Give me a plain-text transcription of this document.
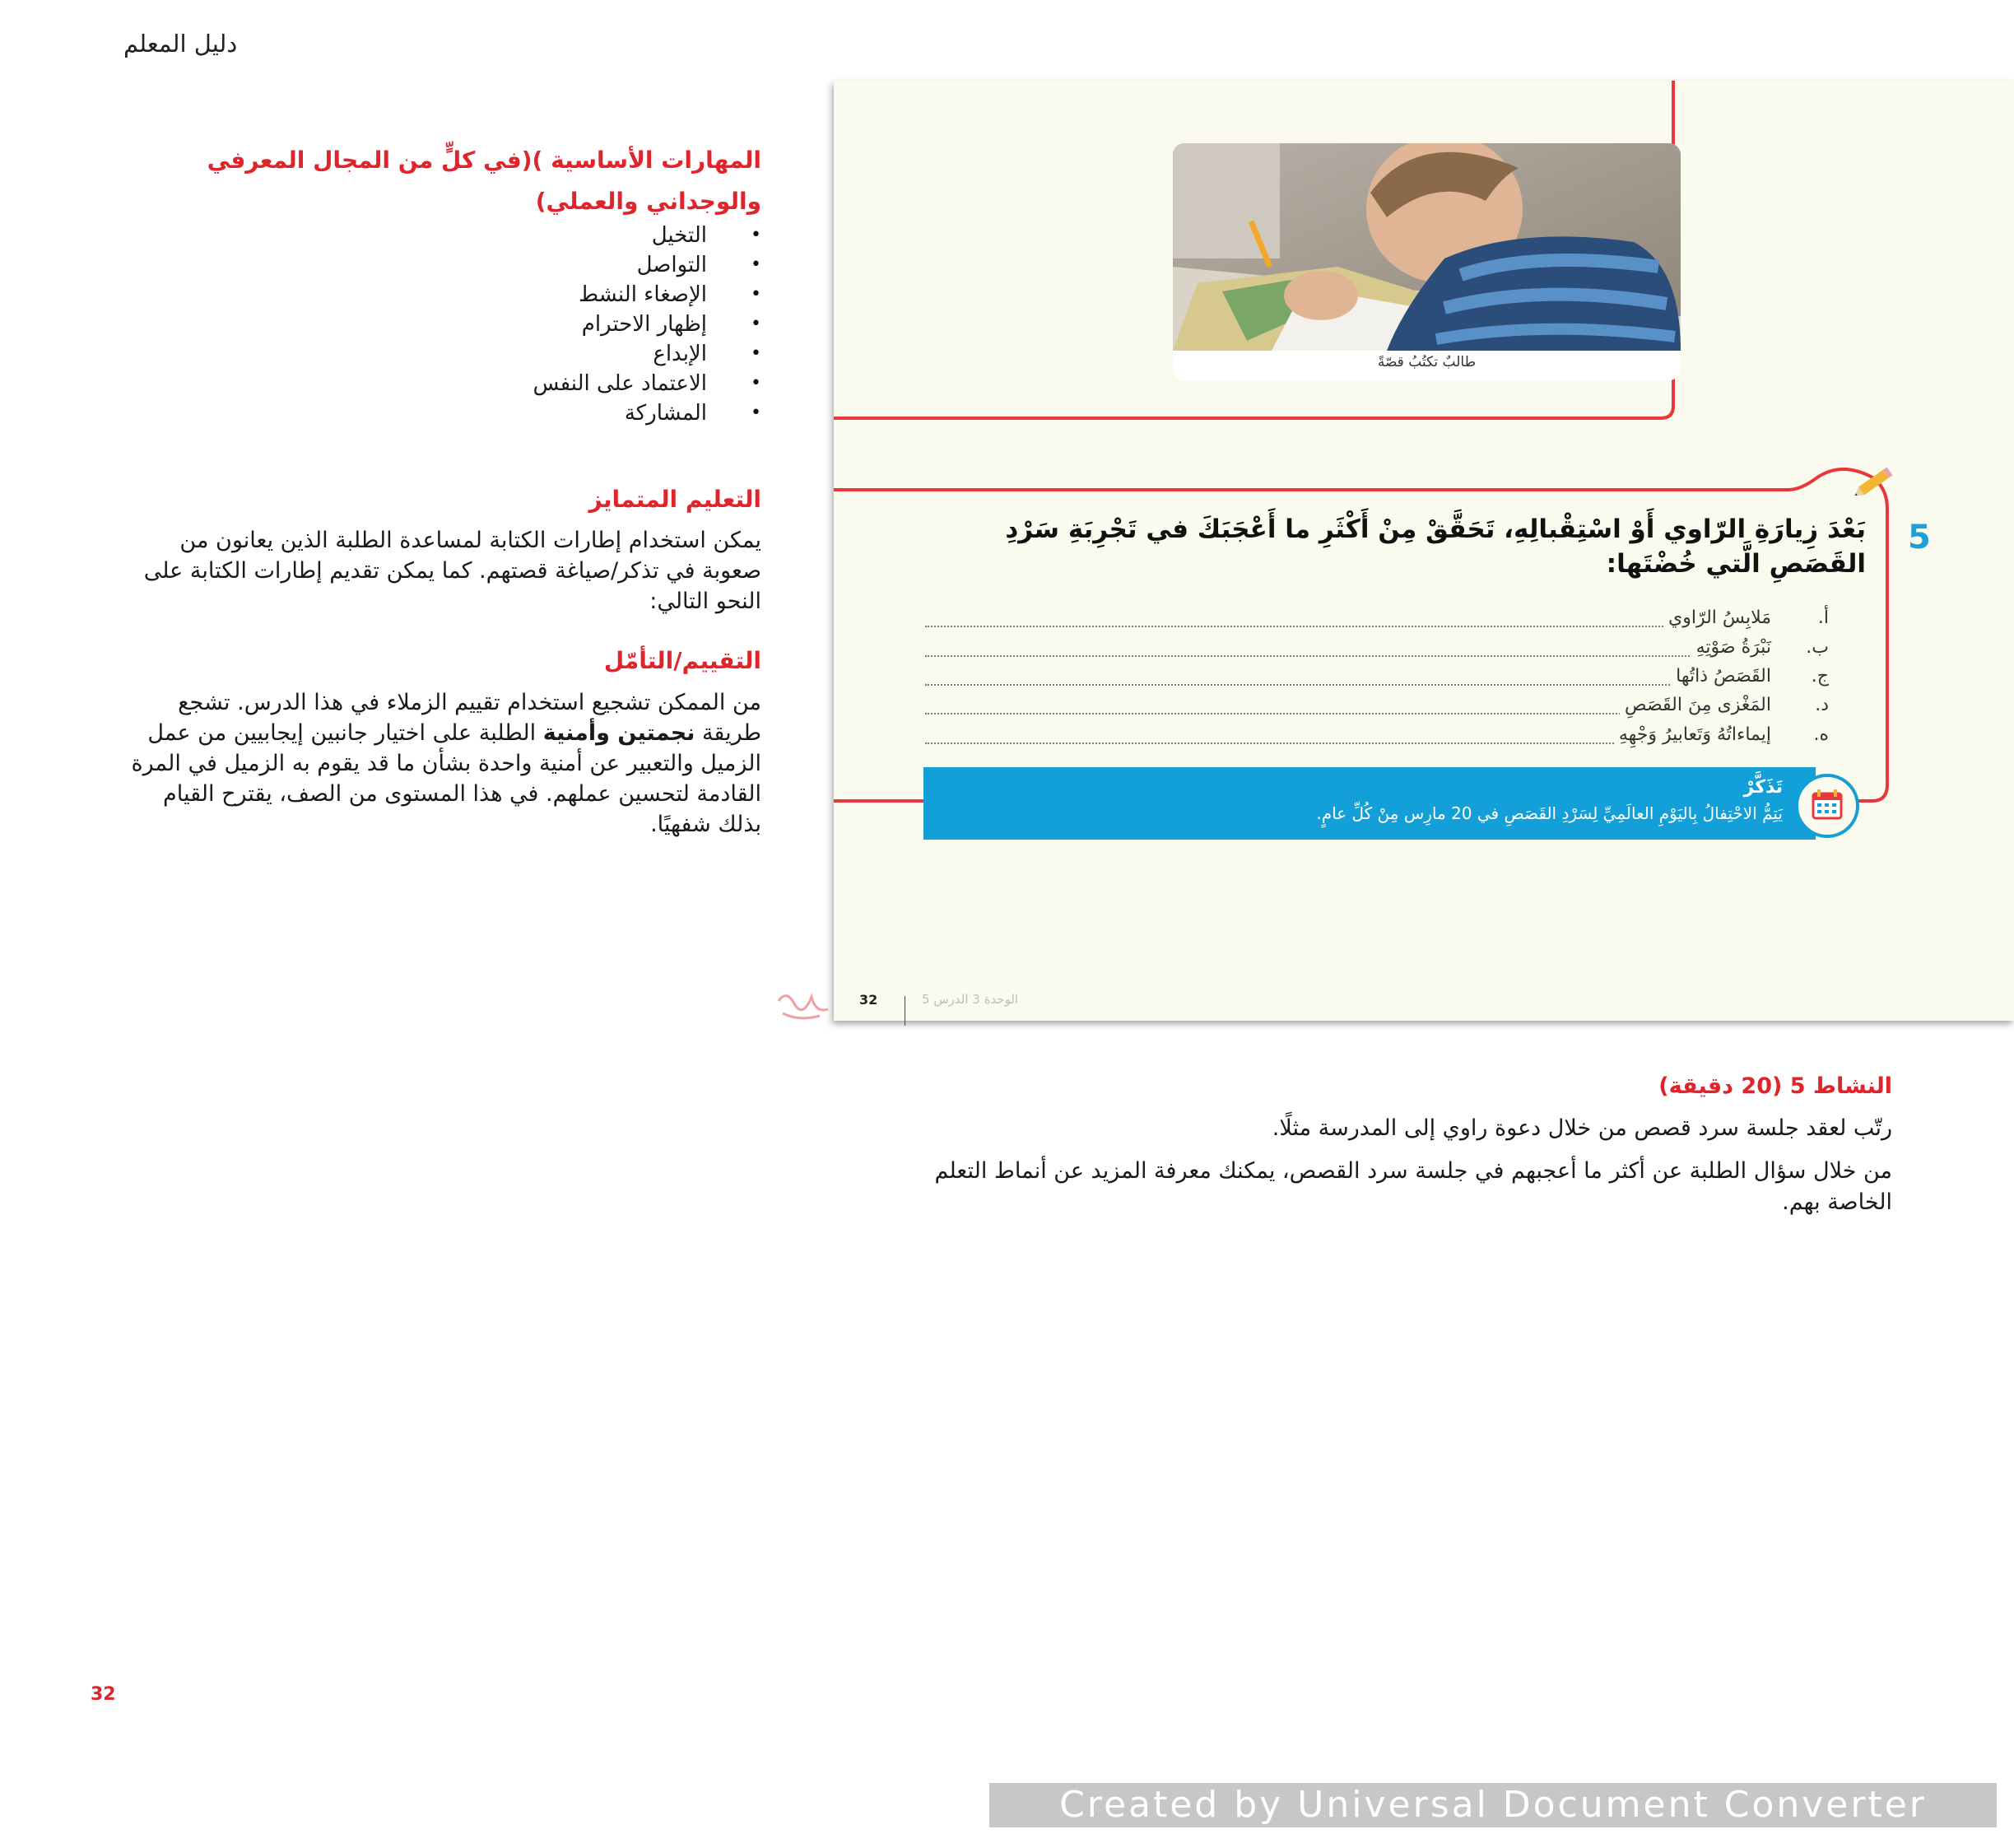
دليل المعلم
المهارات الأساسية )(في كلٍّ من المجال المعرفي
والوجداني والعملي)
• التخيل
• التواصل
• الإصغاء النشط
• إظهار الاحترام
• الإبداع
• الاعتماد على النفس
• المشاركة
التعليم المتمايز
يمكن استخدام إطارات الكتابة لمساعدة الطلبة الذين يعانون من صعوبة في تذكر/صياغة قصتهم. كما يمكن تقديم إطارات الكتابة على النحو التالي:
التقييم/التأمّل
من الممكن تشجيع استخدام تقييم الزملاء في هذا الدرس. تشجع طريقة نجمتين وأمنية الطلبة على اختيار جانبين إيجابيين من عمل الزميل والتعبير عن أمنية واحدة بشأن ما قد يقوم به الزميل في المرة القادمة لتحسين عملهم. في هذا المستوى من الصف، يقترح القيام بذلك شفهيًا.
طالبٌ تكتُبُ قصّةً
5
بَعْدَ زِيارَةِ الرّاوي أَوْ اسْتِقْبالِهِ، تَحَقَّقْ مِنْ أَكْثَرِ ما أَعْجَبَكَ في تَجْرِبَةِ سَرْدِ القَصَصِ الَّتي خُضْتَها:
أ.
مَلابِسُ الرّاوي
ب.
نَبْرَةُ صَوْتِهِ
ج.
القَصَصُ ذاتُها
د.
المَغْزى مِنَ القَصَصِ
ه.
إيماءاتُهُ وَتَعابيرُ وَجْهِهِ
تَذَكَّرْ
يَتِمُّ الاحْتِفالُ بِاليَوْمِ العالَمِيِّ لِسَرْدِ القَصَصِ في 20 مارِس مِنْ كُلِّ عامٍ.
32	الوحدة 3 الدرس 5
النشاط 5 (20 دقيقة)
رتّب لعقد جلسة سرد قصص من خلال دعوة راوي إلى المدرسة مثلًا.
من خلال سؤال الطلبة عن أكثر ما أعجبهم في جلسة سرد القصص، يمكنك معرفة المزيد عن أنماط التعلم الخاصة بهم.
32
Created by Universal Document Converter
